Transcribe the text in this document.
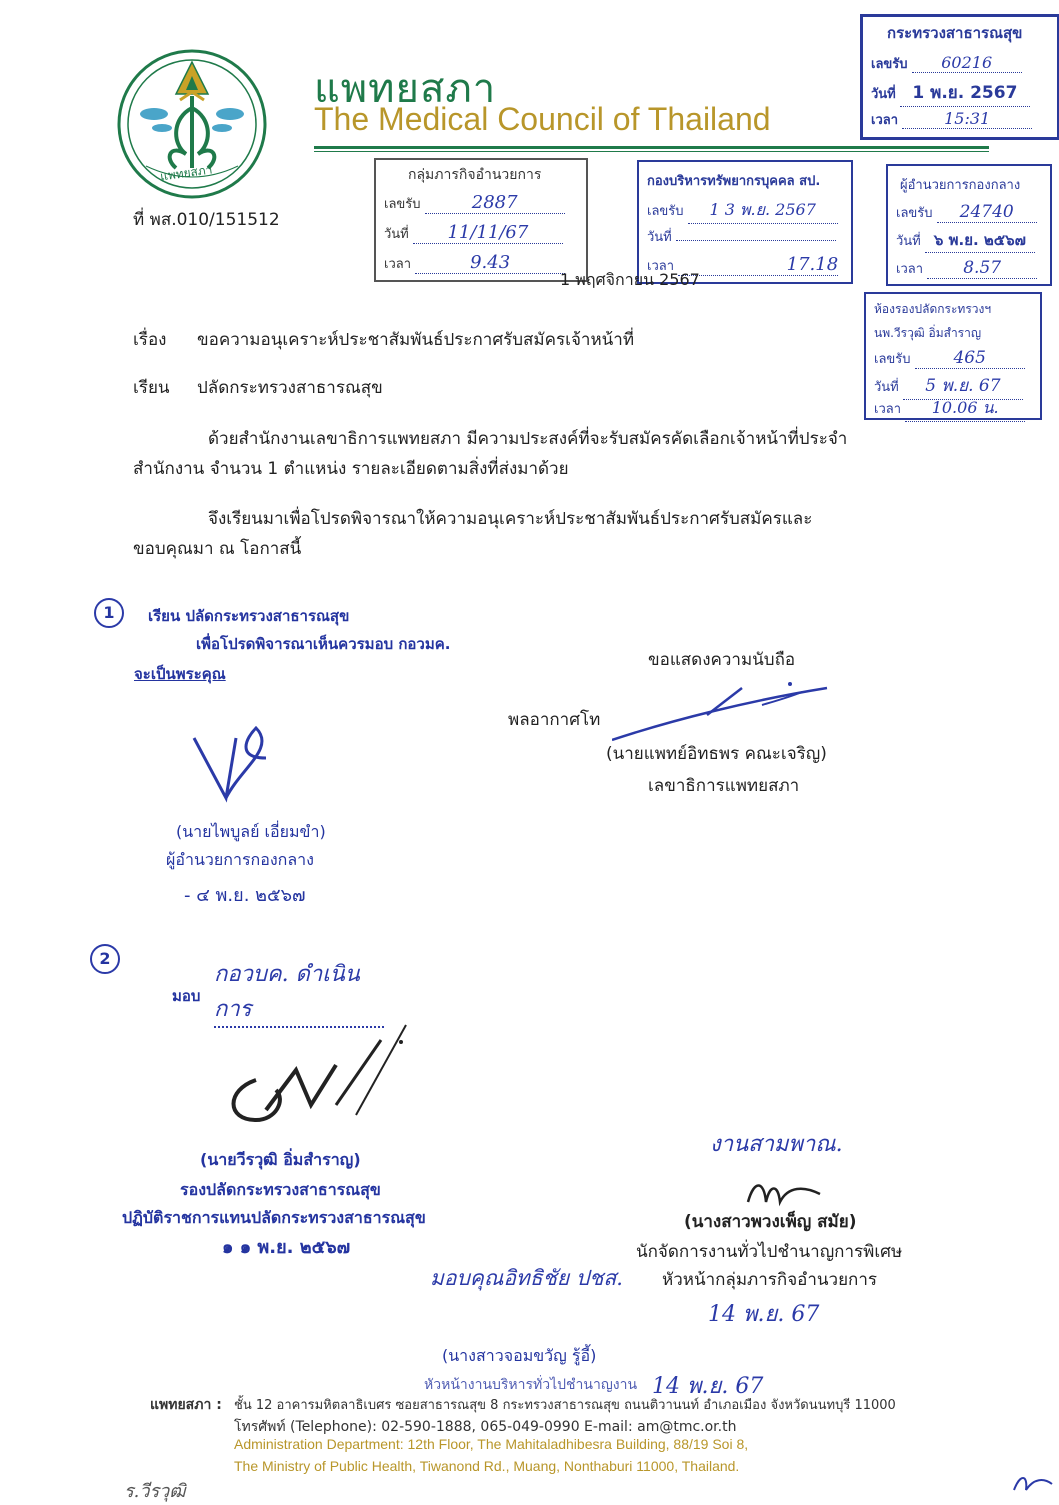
แพทยสภา
แพทยสภา
The Medical Council of Thailand
ที่ พส.010/151512
กระทรวงสาธารณสุข
เลขรับ 60216
วันที่ 1 พ.ย. 2567
เวลา	15:31
กลุ่มภารกิจอำนวยการ
เลขรับ	2887
วันที่ 11/11/67
เวลา	9.43
กองบริหารทรัพยากรบุคคล สป.
เลขรับ 1 3 พ.ย. 2567
วันที่
เวลา	17.18
ผู้อำนวยการกองกลาง
เลขรับ 24740
วันที่ ๖ พ.ย. ๒๕๖๗
เวลา 8.57
ห้องรองปลัดกระทรวงฯ
นพ.วีรวุฒิ อิ่มสำราญ
เลขรับ	465
วันที่ 5 พ.ย. 67
เวลา 10.06 น.
1 พฤศจิกายน 2567
เรื่อง ขอความอนุเคราะห์ประชาสัมพันธ์ประกาศรับสมัครเจ้าหน้าที่
เรียน ปลัดกระทรวงสาธารณสุข
ด้วยสำนักงานเลขาธิการแพทยสภา มีความประสงค์ที่จะรับสมัครคัดเลือกเจ้าหน้าที่ประจำ
สำนักงาน จำนวน 1 ตำแหน่ง รายละเอียดตามสิ่งที่ส่งมาด้วย
จึงเรียนมาเพื่อโปรดพิจารณาให้ความอนุเคราะห์ประชาสัมพันธ์ประกาศรับสมัครและ
ขอบคุณมา ณ โอกาสนี้
ขอแสดงความนับถือ
พลอากาศโท
(นายแพทย์อิทธพร คณะเจริญ)
เลขาธิการแพทยสภา
1	เรียน ปลัดกระทรวงสาธารณสุข
เพื่อโปรดพิจารณาเห็นควรมอบ กอวมค.
จะเป็นพระคุณ
(นายไพบูลย์ เอี่ยมขำ)
ผู้อำนวยการกองกลาง
- ๔ พ.ย. ๒๕๖๗
2
มอบ
กอวบค. ดำเนินการ
(นายวีรวุฒิ อิ่มสำราญ)
รองปลัดกระทรวงสาธารณสุข
ปฏิบัติราชการแทนปลัดกระทรวงสาธารณสุข
๑ ๑ พ.ย. ๒๕๖๗
งานสามพาณ.
(นางสาวพวงเพ็ญ สมัย)
นักจัดการงานทั่วไปชำนาญการพิเศษ
หัวหน้ากลุ่มภารกิจอำนวยการ
มอบคุณอิทธิชัย ปชส.
14 พ.ย. 67
(นางสาวจอมขวัญ รู้อี้)
หัวหน้างานบริหารทั่วไปชำนาญงาน 14 พ.ย. 67
แพทยสภา : ชั้น 12 อาคารมหิตลาธิเบศร ซอยสาธารณสุข 8 กระทรวงสาธารณสุข ถนนติวานนท์ อำเภอเมือง จังหวัดนนทบุรี 11000
โทรศัพท์ (Telephone): 02-590-1888, 065-049-0990 E-mail: am@tmc.or.th
Administration Department: 12th Floor, The Mahitaladhibesra Building, 88/19 Soi 8,
The Ministry of Public Health, Tiwanond Rd., Muang, Nonthaburi 11000, Thailand.
ร.วีรวุฒิ
